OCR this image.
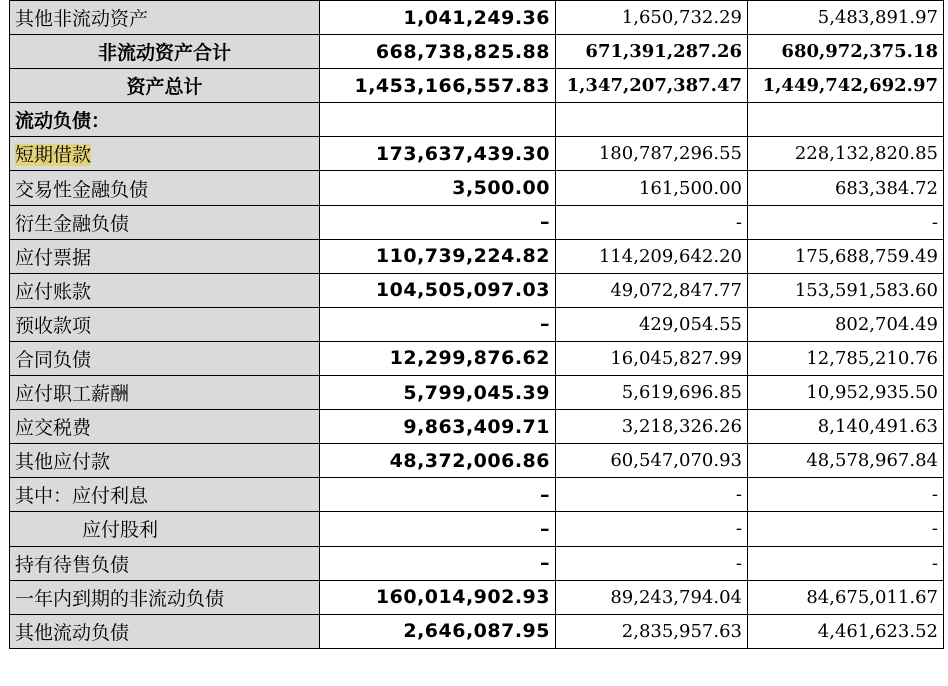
其他非流动资产	1,041,249.36	1,650,732.29	5,483,891.97
非流动资产合计	668,738,825.88	671,391,287.26	680,972,375.18
资产总计	1,453,166,557.83	1,347,207,387.47	1,449,742,692.97
流动负债：			
短期借款	173,637,439.30	180,787,296.55	228,132,820.85
交易性金融负债	3,500.00	161,500.00	683,384.72
衍生金融负债	–	-	-
应付票据	110,739,224.82	114,209,642.20	175,688,759.49
应付账款	104,505,097.03	49,072,847.77	153,591,583.60
预收款项	–	429,054.55	802,704.49
合同负债	12,299,876.62	16,045,827.99	12,785,210.76
应付职工薪酬	5,799,045.39	5,619,696.85	10,952,935.50
应交税费	9,863,409.71	3,218,326.26	8,140,491.63
其他应付款	48,372,006.86	60,547,070.93	48,578,967.84
其中：应付利息	–	-	-
应付股利	–	-	-
持有待售负债	–	-	-
一年内到期的非流动负债	160,014,902.93	89,243,794.04	84,675,011.67
其他流动负债	2,646,087.95	2,835,957.63	4,461,623.52
